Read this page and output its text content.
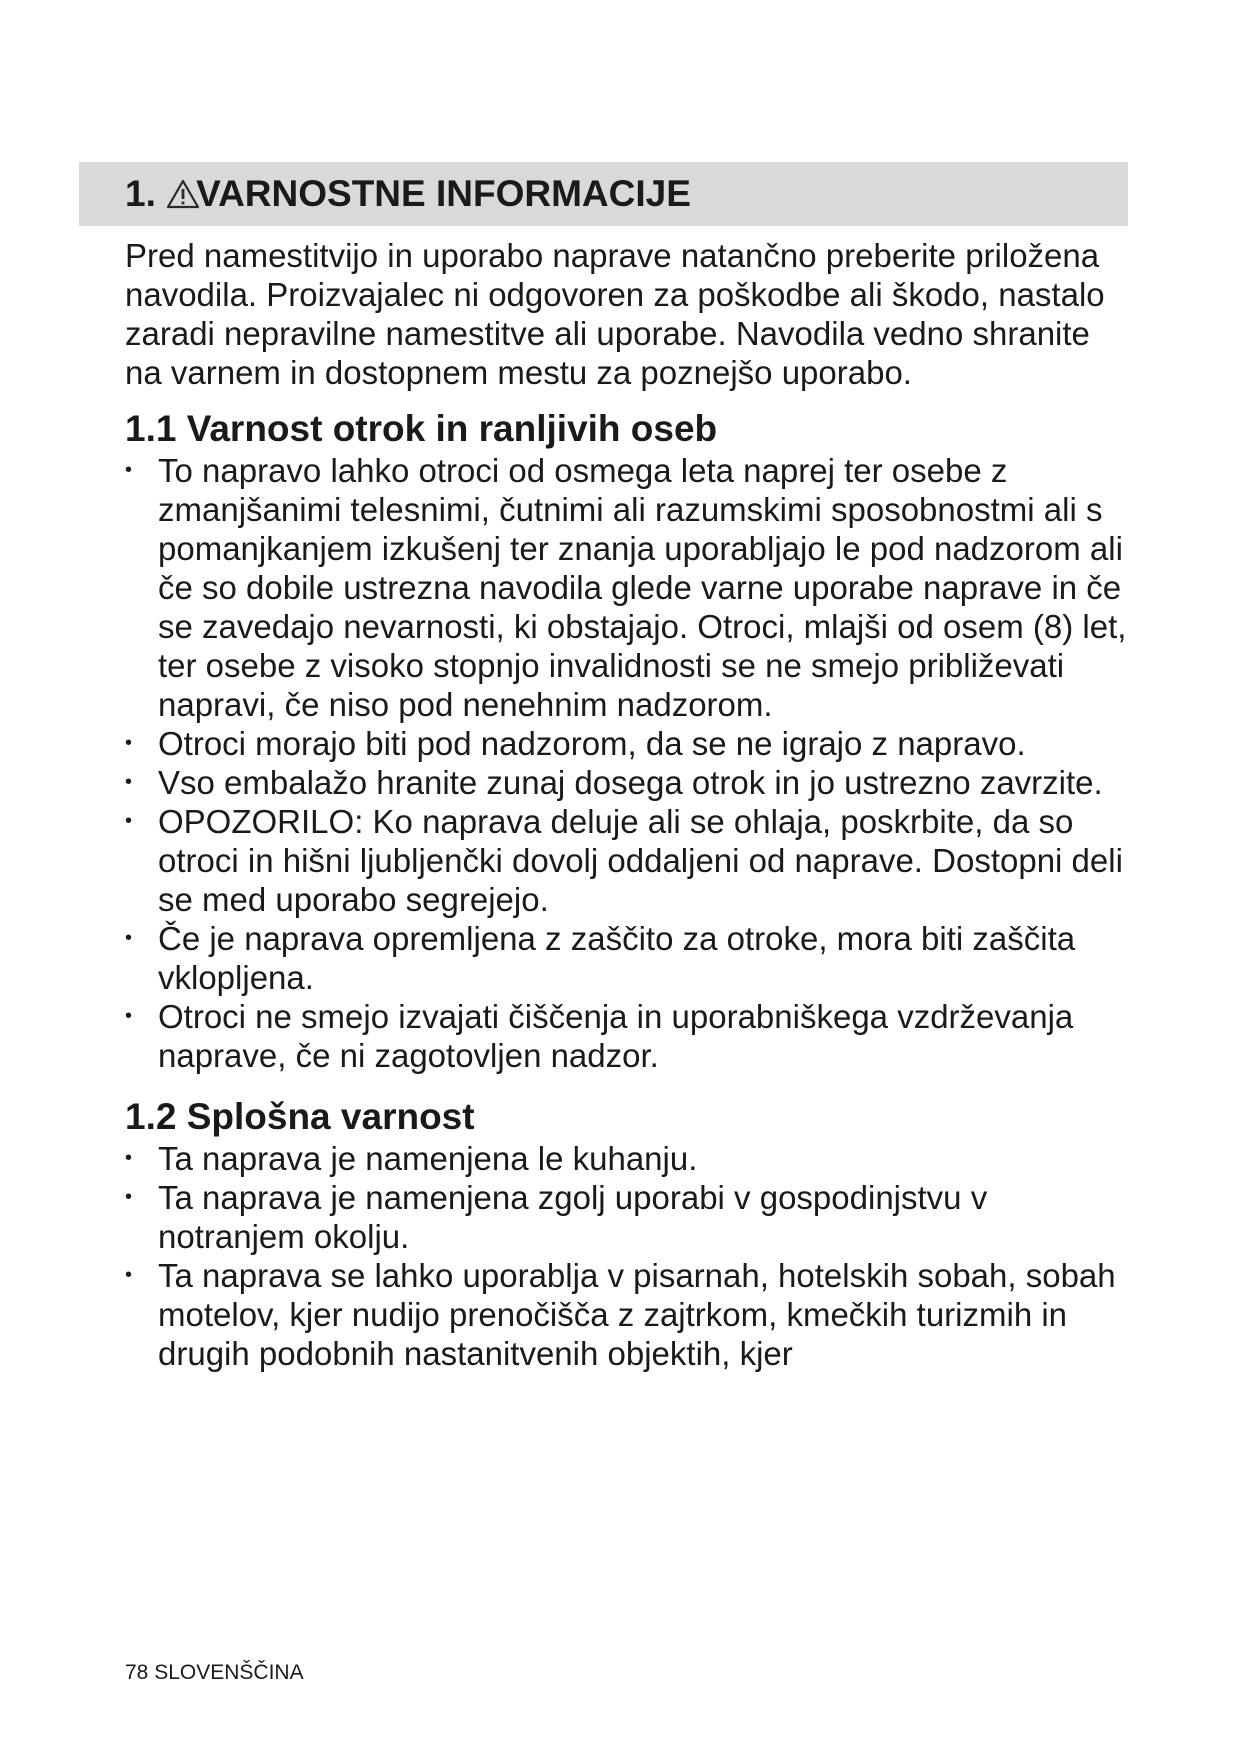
1. VARNOSTNE INFORMACIJE

Pred namestitvijo in uporabo naprave natančno preberite priložena navodila. Proizvajalec ni odgovoren za poškodbe ali škodo, nastalo zaradi nepravilne namestitve ali uporabe. Navodila vedno shranite na varnem in dostopnem mestu za poznejšo uporabo.

1.1 Varnost otrok in ranljivih oseb
• To napravo lahko otroci od osmega leta naprej ter osebe z zmanjšanimi telesnimi, čutnimi ali razumskimi sposobnostmi ali s pomanjkanjem izkušenj ter znanja uporabljajo le pod nadzorom ali če so dobile ustrezna navodila glede varne uporabe naprave in če se zavedajo nevarnosti, ki obstajajo. Otroci, mlajši od osem (8) let, ter osebe z visoko stopnjo invalidnosti se ne smejo približevati napravi, če niso pod nenehnim nadzorom.
• Otroci morajo biti pod nadzorom, da se ne igrajo z napravo.
• Vso embalažo hranite zunaj dosega otrok in jo ustrezno zavrzite.
• OPOZORILO: Ko naprava deluje ali se ohlaja, poskrbite, da so otroci in hišni ljubljenčki dovolj oddaljeni od naprave. Dostopni deli se med uporabo segrejejo.
• Če je naprava opremljena z zaščito za otroke, mora biti zaščita vklopljena.
• Otroci ne smejo izvajati čiščenja in uporabniškega vzdrževanja naprave, če ni zagotovljen nadzor.
1.2 Splošna varnost
• Ta naprava je namenjena le kuhanju.
• Ta naprava je namenjena zgolj uporabi v gospodinjstvu v notranjem okolju.
• Ta naprava se lahko uporablja v pisarnah, hotelskih sobah, sobah motelov, kjer nudijo prenočišča z zajtrkom, kmečkih turizmih in drugih podobnih nastanitvenih objektih, kjer
78 SLOVENŠČINA
